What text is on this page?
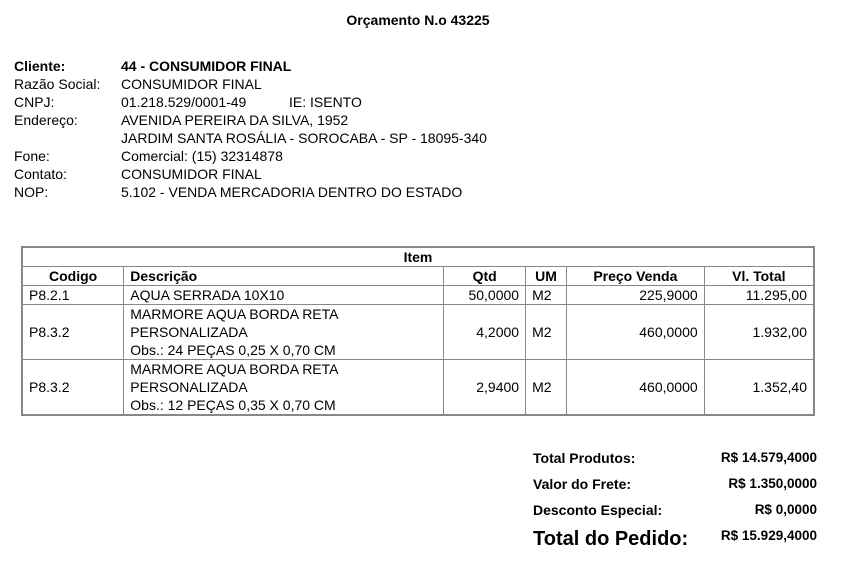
Orçamento N.o 43225
Cliente:	44 - CONSUMIDOR FINAL
Razão Social: CONSUMIDOR FINAL
CNPJ:	01.218.529/0001-49	IE: ISENTO
Endereço:	AVENIDA PEREIRA DA SILVA, 1952
JARDIM SANTA ROSÁLIA - SOROCABA - SP - 18095-340
Fone:	Comercial: (15) 32314878
Contato:	CONSUMIDOR FINAL
NOP:	5.102 - VENDA MERCADORIA DENTRO DO ESTADO
Item					
Codigo	Descrição	Qtd	UM	Preço Venda	Vl. Total
P8.2.1	AQUA SERRADA 10X10	50,0000	M2	225,9000	11.295,00
P8.3.2	MARMORE AQUA BORDA RETA
PERSONALIZADA
Obs.: 24 PEÇAS 0,25 X 0,70 CM	4,2000	M2	460,0000	1.932,00
P8.3.2	MARMORE AQUA BORDA RETA
PERSONALIZADA
Obs.: 12 PEÇAS 0,35 X 0,70 CM	2,9400	M2	460,0000	1.352,40
Total Produtos:	R$ 14.579,4000
Valor do Frete:	R$ 1.350,0000
Desconto Especial:	R$ 0,0000
Total do Pedido: R$ 15.929,4000
